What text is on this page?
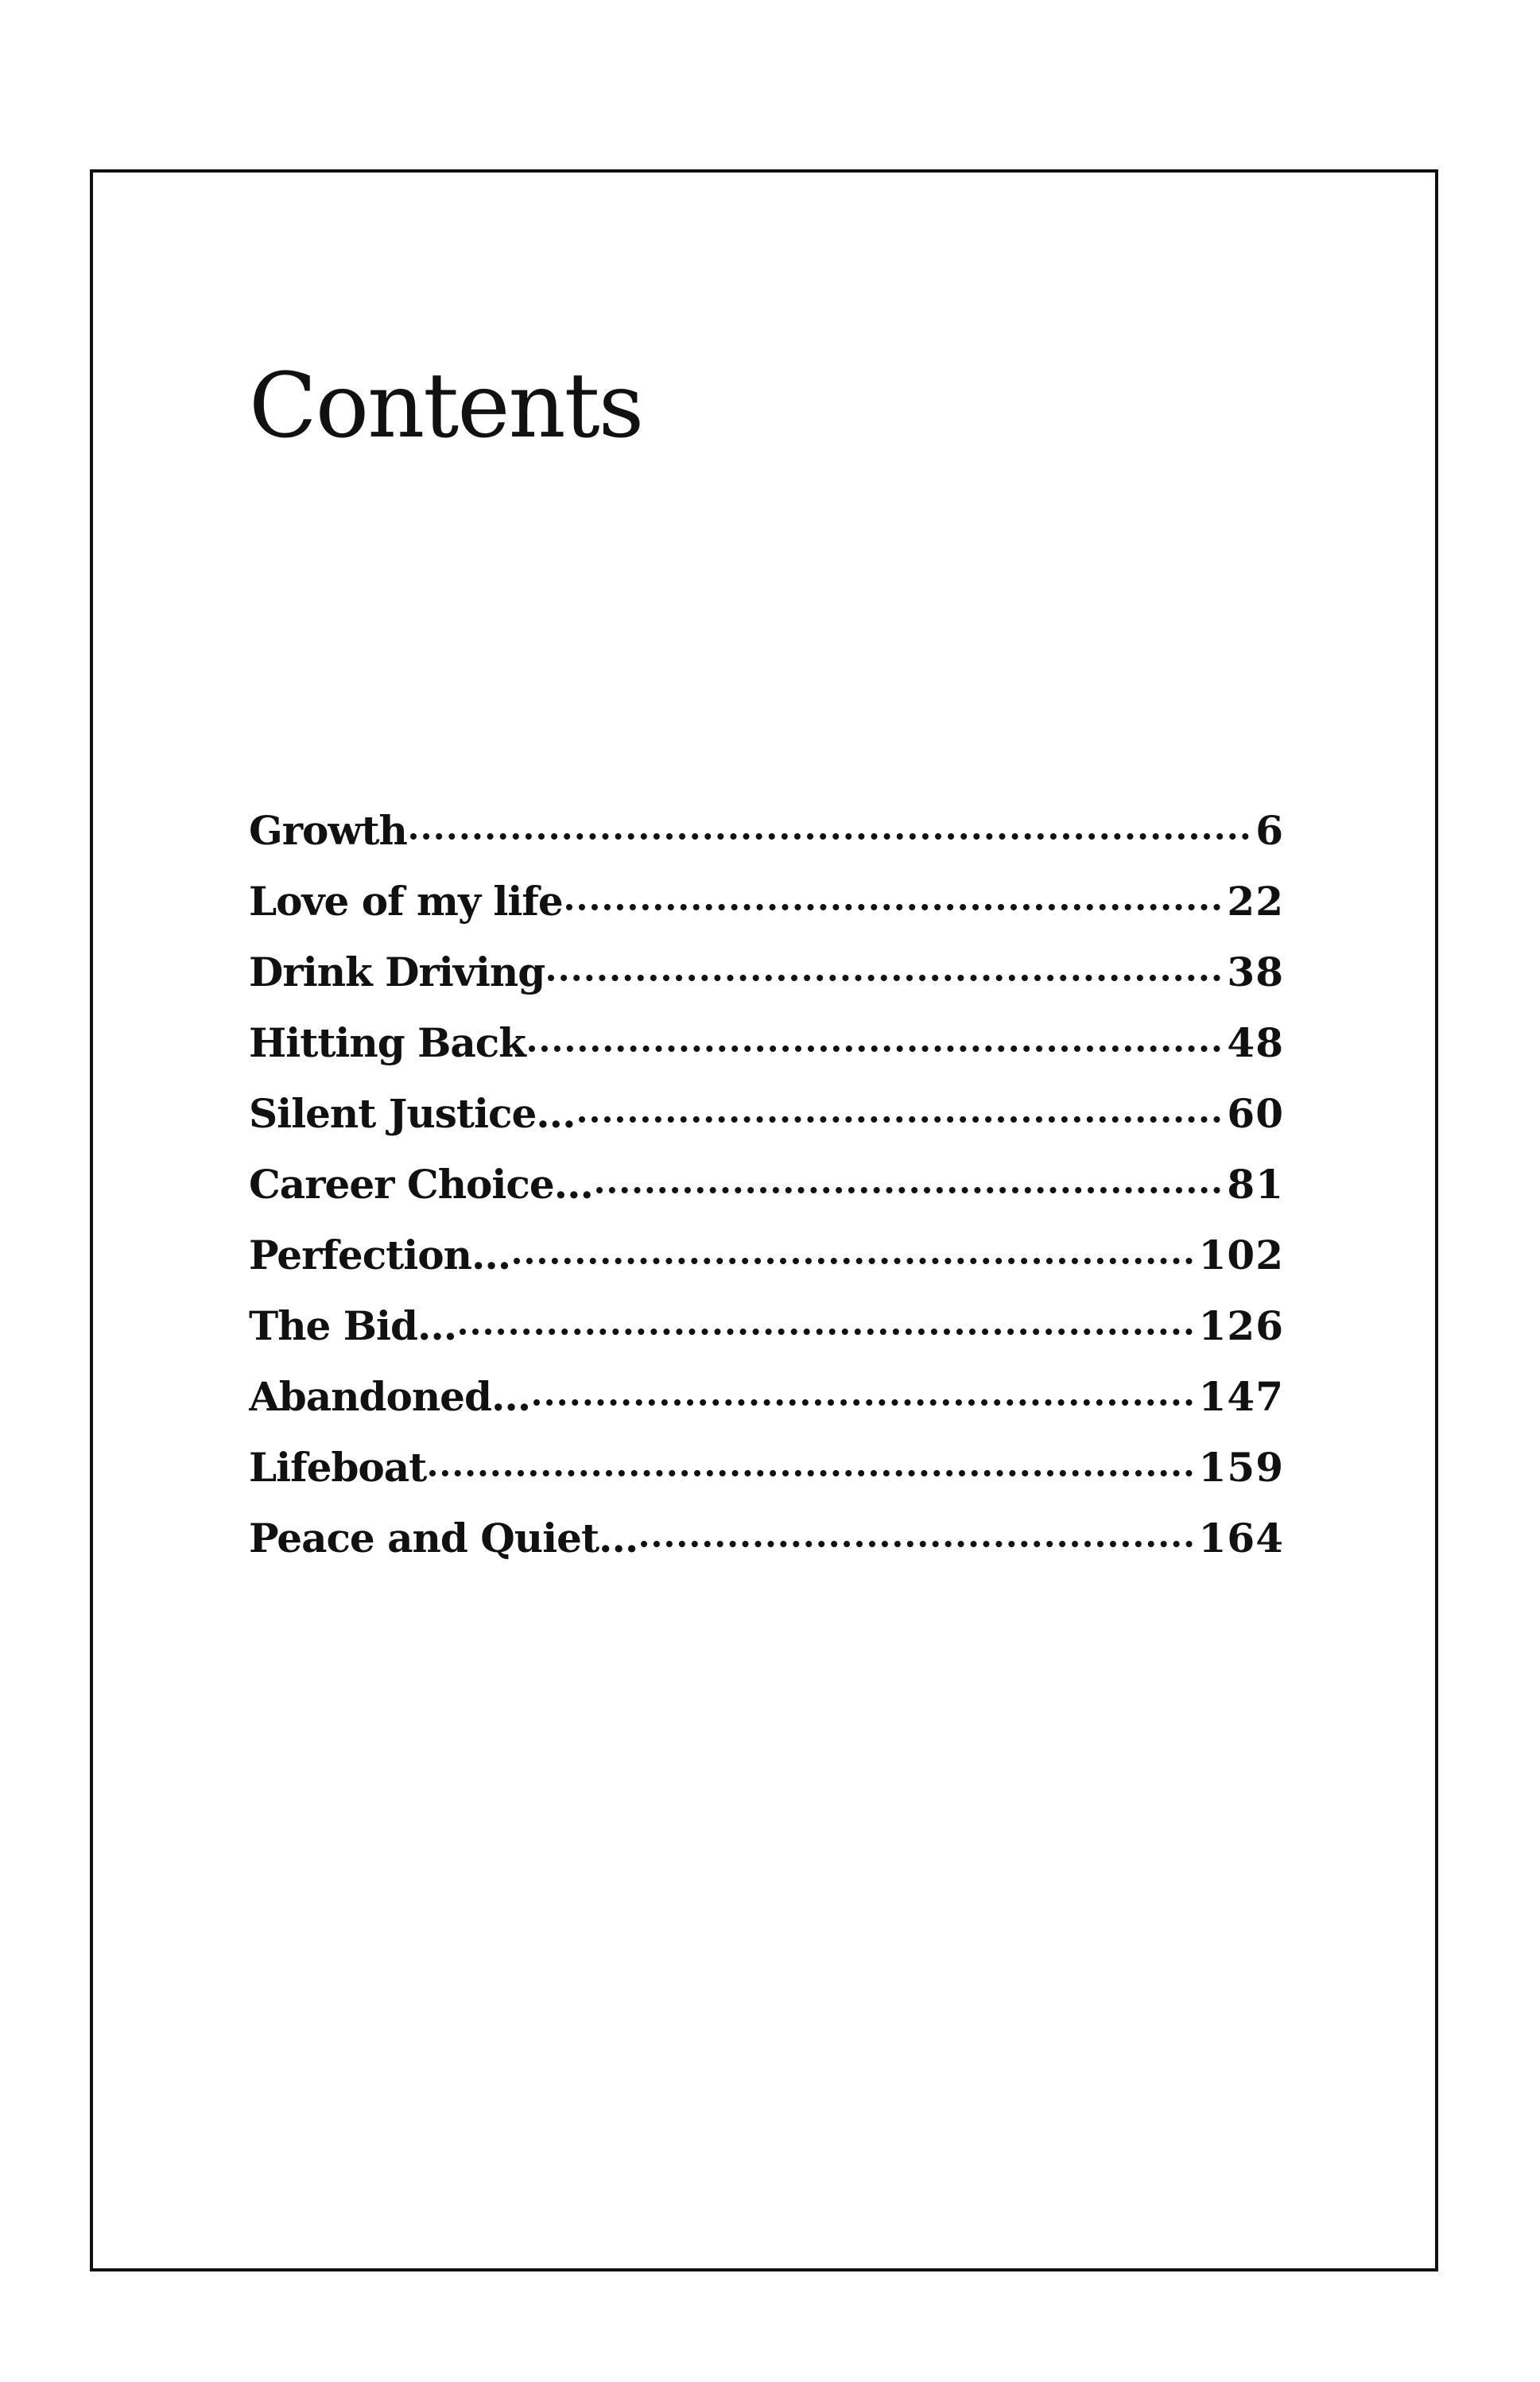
Contents
Growth	6
Love of my life	22
Drink Driving	38
Hitting Back	48
Silent Justice...	60
Career Choice...	81
Perfection...	102
The Bid...	126
Abandoned...	147
Lifeboat	159
Peace and Quiet...	164
